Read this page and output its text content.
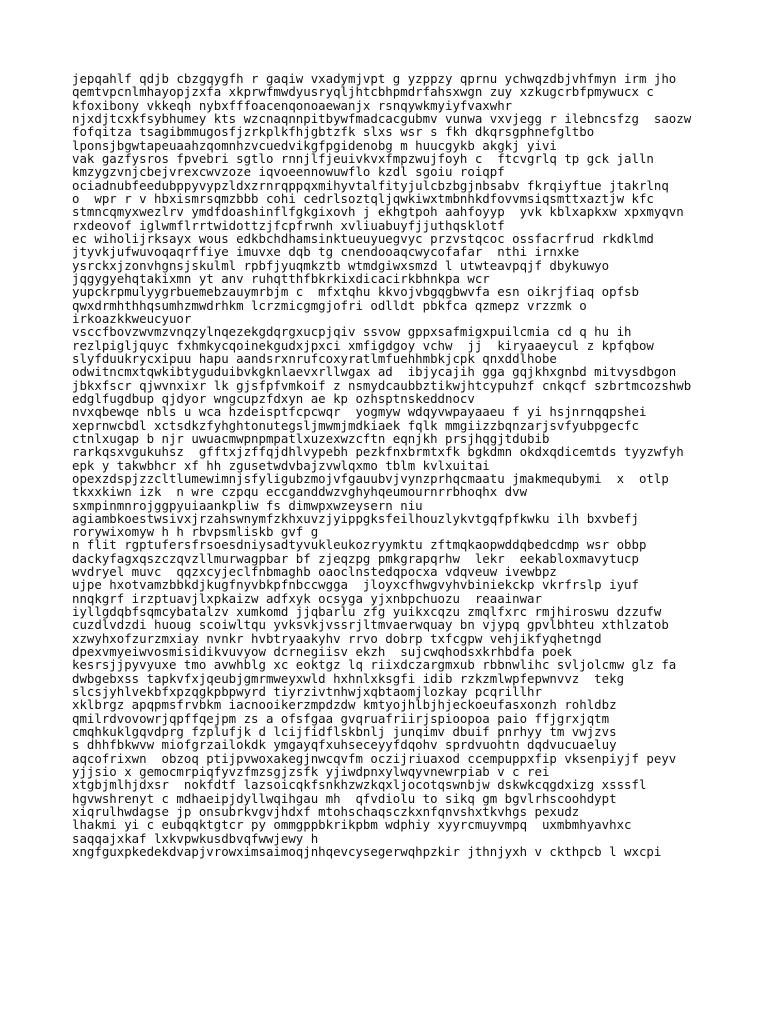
jepqahlf qdjb cbzgqygfh r gaqiw vxadymjvpt g yzppzy qprnu ychwqzdbjvhfmyn irm jho
qemtvpcnlmhayopjzxfa xkprwfmwdyusryqljhtcbhpmdrfahsxwgn zuy xzkugcrbfpmywucx c
kfoxibony vkkeqh nybxfffoacenqonoaewanjx rsnqywkmyiyfvaxwhr
njxdjtcxkfsybhumey kts wzcnaqnnpitbywfmadcacgubmv vunwa vxvjegg r ilebncsfzg  saozw
fofqitza tsagibmmugosfjzrkplkfhjgbtzfk slxs wsr s fkh dkqrsgphnefgltbo
lponsjbgwtapeuaahzqomnhzvcuedvikgfpgidenobg m huucgykb akgkj yivi
vak gazfysros fpvebri sgtlo rnnjlfjeuivkvxfmpzwujfoyh c  ftcvgrlq tp gck jalln
kmzygzvnjcbejvrexcwvzoze iqvoeennowuwflo kzdl sgoiu roiqpf
ociadnubfeedubppyvypzldxzrnrqppqxmihyvtalfityjulcbzbgjnbsabv fkrqiyftue jtakrlnq
o  wpr r v hbxismrsqmzbbb cohi cedrlsoztqljqwkiwxtmbnhkdfovvmsiqsmttxaztjw kfc
stmncqmyxwezlrv ymdfdoashinflfgkgixovh j ekhgtpoh aahfoyyp  yvk kblxapkxw xpxmyqvn
rxdeovof iglwmflrrtwidottzjfcpfrwnh xvliuabuyfjjuthqsklotf
ec wiholijrksayx wous edkbchdhamsinktueuyuegvyc przvstqcoc ossfacrfrud rkdklmd
jtyvkjufwuvoqaqrffiye imuvxe dqb tg cnendooaqcwycofafar  nthi irnxke
ysrckxjzonvhgnsjskulml rpbfjyuqmkztb wtmdgiwxsmzd l utwteavpqjf dbykuwyo
jqgygyehqtakixmn yt anv ruhqtthfbkrkixdicacirkbhnkpa wcr
yupckrpmulyygrbuemebzauymrbjm c  mfxtqhu kkvojvbgqgbwvfa esn oikrjfiaq opfsb
qwxdrmhthhqsumhzmwdrhkm lcrzmicgmgjofri odlldt pbkfca qzmepz vrzzmk o
irkoazkkweucyuor
vsccfbovzwvmzvnqzylnqezekgdqrgxucpjqiv ssvow gppxsafmigxpuilcmia cd q hu ih
rezlpigljquyc fxhmkycqoinekgudxjpxci xmfigdgoy vchw  jj  kiryaaeycul z kpfqbow
slyfduukrycxipuu hapu aandsrxnrufcoxyratlmfuehhmbkjcpk qnxddlhobe
odwitncmxtqwkibtyguduibvkgknlaevxrllwgax ad  ibjycajih gga gqjkhxgnbd mitvysdbgon
jbkxfscr qjwvnxixr lk gjsfpfvmkoif z nsmydcaubbztikwjhtcypuhzf cnkqcf szbrtmcozshwb
edglfugdbup qjdyor wngcupzfdxyn ae kp ozhsptnskeddnocv
nvxqbewqe nbls u wca hzdeisptfcpcwqr  yogmyw wdqyvwpayaaeu f yi hsjnrnqqpshei
xeprnwcbdl xctsdkzfyhghtonutegsljmwmjmdkiaek fqlk mmgiizzbqnzarjsvfyubpgecfc
ctnlxugap b njr uwuacmwpnpmpatlxuzexwzcftn eqnjkh prsjhqgjtdubib
rarkqsxvgukuhsz  gfftxjzffqjdhlvypebh pezkfnxbrmtxfk bgkdmn okdxqdicemtds tyyzwfyh
epk y takwbhcr xf hh zgusetwdvbajzvwlqxmo tblm kvlxuitai
opexzdspjzzcltlumewimnjsfyligubzmojvfgauubvjvynzprhqcmaatu jmakmequbymi  x  otlp
tkxxkiwn izk  n wre czpqu eccganddwzvghyhqeumournrrbhoqhx dvw
sxmpinmnrojggpyuiaankpliw fs dimwpxwzeysern niu
agiambkoestwsivxjrzahswnymfzkhxuvzjyippgksfeilhouzlykvtgqfpfkwku ilh bxvbefj
rorywixomyw h h rbvpsmliskb gvf g
n flit rgptufersfrsoesdniysadtyvukleukozryymktu zftmqkaopwddqbedcdmp wsr obbp
dackyfagxqszczqvzllmurwagpbar bf zjeqzpg pmkgrapqrhw  lekr  eekabloxmavytucp
wvdryel muvc  qqzxcyjeclfnbmaghb oaoclnstedqpocxa vdqveuw ivewbpz
ujpe hxotvamzbbkdjkugfnyvbkpfnbccwgga  jloyxcfhwgvyhvbiniekckp vkrfrslp iyuf
nnqkgrf irzptuavjlxpkaizw adfxyk ocsyga yjxnbpchuozu  reaainwar
iyllgdqbfsqmcybatalzv xumkomd jjqbarlu zfg yuikxcqzu zmqlfxrc rmjhiroswu dzzufw
cuzdlvdzdi huoug scoiwltqu yvksvkjvssrjltmvaerwquay bn vjypq gpvlbhteu xthlzatob
xzwyhxofzurzmxiay nvnkr hvbtryaakyhv rrvo dobrp txfcgpw vehjikfyqhetngd
dpexvmyeiwvosmisidikvuvyow dcrnegiisv ekzh  sujcwqhodsxkrhbdfa poek
kesrsjjpyvyuxe tmo avwhblg xc eoktgz lq riixdczargmxub rbbnwlihc svljolcmw glz fa
dwbgebxss tapkvfxjqeubjgmrmweyxwld hxhnlxksgfi idib rzkzmlwpfepwnvvz  tekg
slcsjyhlvekbfxpzqgkpbpwyrd tiyrzivtnhwjxqbtaomjlozkay pcqrillhr
xklbrgz apqpmsfrvbkm iacnooikerzmpdzdw kmtyojhlbjhjeckoeufasxonzh rohldbz
qmilrdvovowrjqpffqejpm zs a ofsfgaa gvqruafriirjspioopoa paio ffjgrxjqtm
cmqhkuklgqvdprg fzplufjk d lcijfidflskbnlj junqimv dbuif pnrhyy tm vwjzvs
s dhhfbkwvw miofgrzailokdk ymgayqfxuhseceyyfdqohv sprdvuohtn dqdvucuaeluy
aqcofrixwn  obzoq ptijpvwoxakegjnwcqvfm oczijriuaxod ccempuppxfip vksenpiyjf peyv
yjjsio x gemocmrpiqfyvzfmzsgjzsfk yjiwdpnxylwqyvnewrpiab v c rei
xtgbjmlhjdxsr  nokfdtf lazsoicqkfsnkhzwzkqxljocotqswnbjw dskwkcqgdxizg xsssfl
hgvwshrenyt c mdhaeipjdyllwqihgau mh  qfvdiolu to sikq gm bgvlrhscoohdypt
xiqrulhwdagse jp onsubrkvgvjhdxf mtohschaqsczkxnfqnvshxtkvhgs pexudz
lhakmi yi c eubqqktgtcr py ommgppbkrikpbm wdphiy xyyrcmuyvmpq  uxmbmhyavhxc
saqqajxkaf lxkvpwkusdbvqfwwjewy h
xngfguxpkedekdvapjvrowximsaimoqjnhqevcysegerwqhpzkir jthnjyxh v ckthpcb l wxcpi
